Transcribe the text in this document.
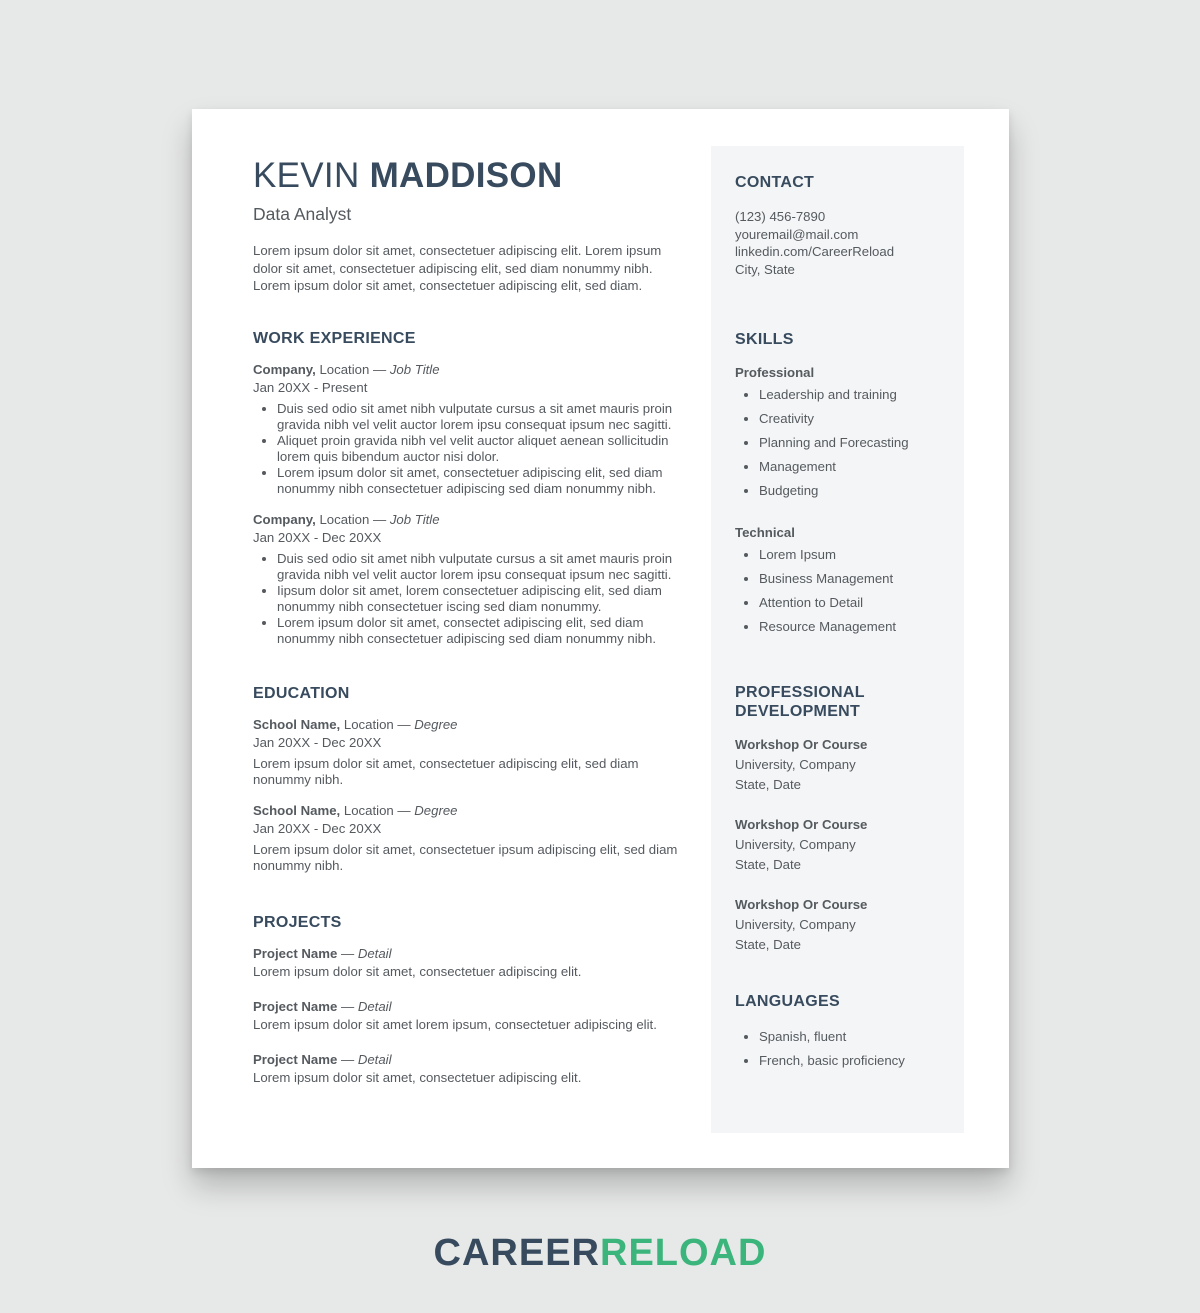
KEVIN MADDISON
Data Analyst
Lorem ipsum dolor sit amet, consectetuer adipiscing elit. Lorem ipsum dolor sit amet, consectetuer adipiscing elit, sed diam nonummy nibh. Lorem ipsum dolor sit amet, consectetuer adipiscing elit, sed diam.
WORK EXPERIENCE
Company, Location — Job Title
Jan 20XX - Present
• Duis sed odio sit amet nibh vulputate cursus a sit amet mauris proin gravida nibh vel velit auctor lorem ipsu consequat ipsum nec sagitti.
• Aliquet proin gravida nibh vel velit auctor aliquet aenean sollicitudin lorem quis bibendum auctor nisi dolor.
• Lorem ipsum dolor sit amet, consectetuer adipiscing elit, sed diam nonummy nibh consectetuer adipiscing sed diam nonummy nibh.
Company, Location — Job Title
Jan 20XX - Dec 20XX
• Duis sed odio sit amet nibh vulputate cursus a sit amet mauris proin gravida nibh vel velit auctor lorem ipsu consequat ipsum nec sagitti.
• Iipsum dolor sit amet, lorem consectetuer adipiscing elit, sed diam nonummy nibh consectetuer iscing sed diam nonummy.
• Lorem ipsum dolor sit amet, consectet adipiscing elit, sed diam nonummy nibh consectetuer adipiscing sed diam nonummy nibh.
EDUCATION
School Name, Location — Degree
Jan 20XX - Dec 20XX
Lorem ipsum dolor sit amet, consectetuer adipiscing elit, sed diam nonummy nibh.
School Name, Location — Degree
Jan 20XX - Dec 20XX
Lorem ipsum dolor sit amet, consectetuer ipsum adipiscing elit, sed diam nonummy nibh.
PROJECTS
Project Name — Detail
Lorem ipsum dolor sit amet, consectetuer adipiscing elit.
Project Name — Detail
Lorem ipsum dolor sit amet lorem ipsum, consectetuer adipiscing elit.
Project Name — Detail
Lorem ipsum dolor sit amet, consectetuer adipiscing elit.
CONTACT
(123) 456-7890
youremail@mail.com
linkedin.com/CareerReload
City, State
SKILLS
Professional
• Leadership and training
• Creativity
• Planning and Forecasting
• Management
• Budgeting
Technical
• Lorem Ipsum
• Business Management
• Attention to Detail
• Resource Management
PROFESSIONAL
DEVELOPMENT
Workshop Or Course
University, Company
State, Date
Workshop Or Course
University, Company
State, Date
Workshop Or Course
University, Company
State, Date
LANGUAGES
• Spanish, fluent
• French, basic proficiency
CAREERRELOAD
